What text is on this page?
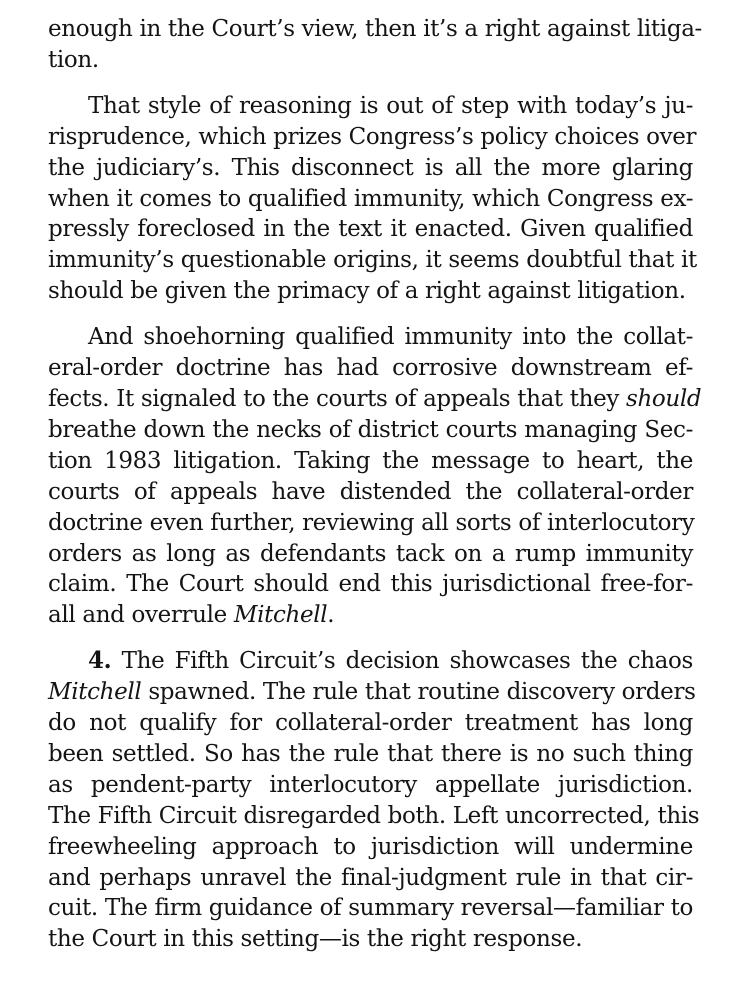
enough in the Court’s view, then it’s a right against litiga-
tion.
That style of reasoning is out of step with today’s ju-
risprudence, which prizes Congress’s policy choices over
the judiciary’s. This disconnect is all the more glaring
when it comes to qualified immunity, which Congress ex-
pressly foreclosed in the text it enacted. Given qualified
immunity’s questionable origins, it seems doubtful that it
should be given the primacy of a right against litigation.
And shoehorning qualified immunity into the collat-
eral-order doctrine has had corrosive downstream ef-
fects. It signaled to the courts of appeals that they should
breathe down the necks of district courts managing Sec-
tion 1983 litigation. Taking the message to heart, the
courts of appeals have distended the collateral-order
doctrine even further, reviewing all sorts of interlocutory
orders as long as defendants tack on a rump immunity
claim. The Court should end this jurisdictional free-for-
all and overrule Mitchell.
4. The Fifth Circuit’s decision showcases the chaos
Mitchell spawned. The rule that routine discovery orders
do not qualify for collateral-order treatment has long
been settled. So has the rule that there is no such thing
as pendent-party interlocutory appellate jurisdiction.
The Fifth Circuit disregarded both. Left uncorrected, this
freewheeling approach to jurisdiction will undermine
and perhaps unravel the final-judgment rule in that cir-
cuit. The firm guidance of summary reversal—familiar to
the Court in this setting—is the right response.
